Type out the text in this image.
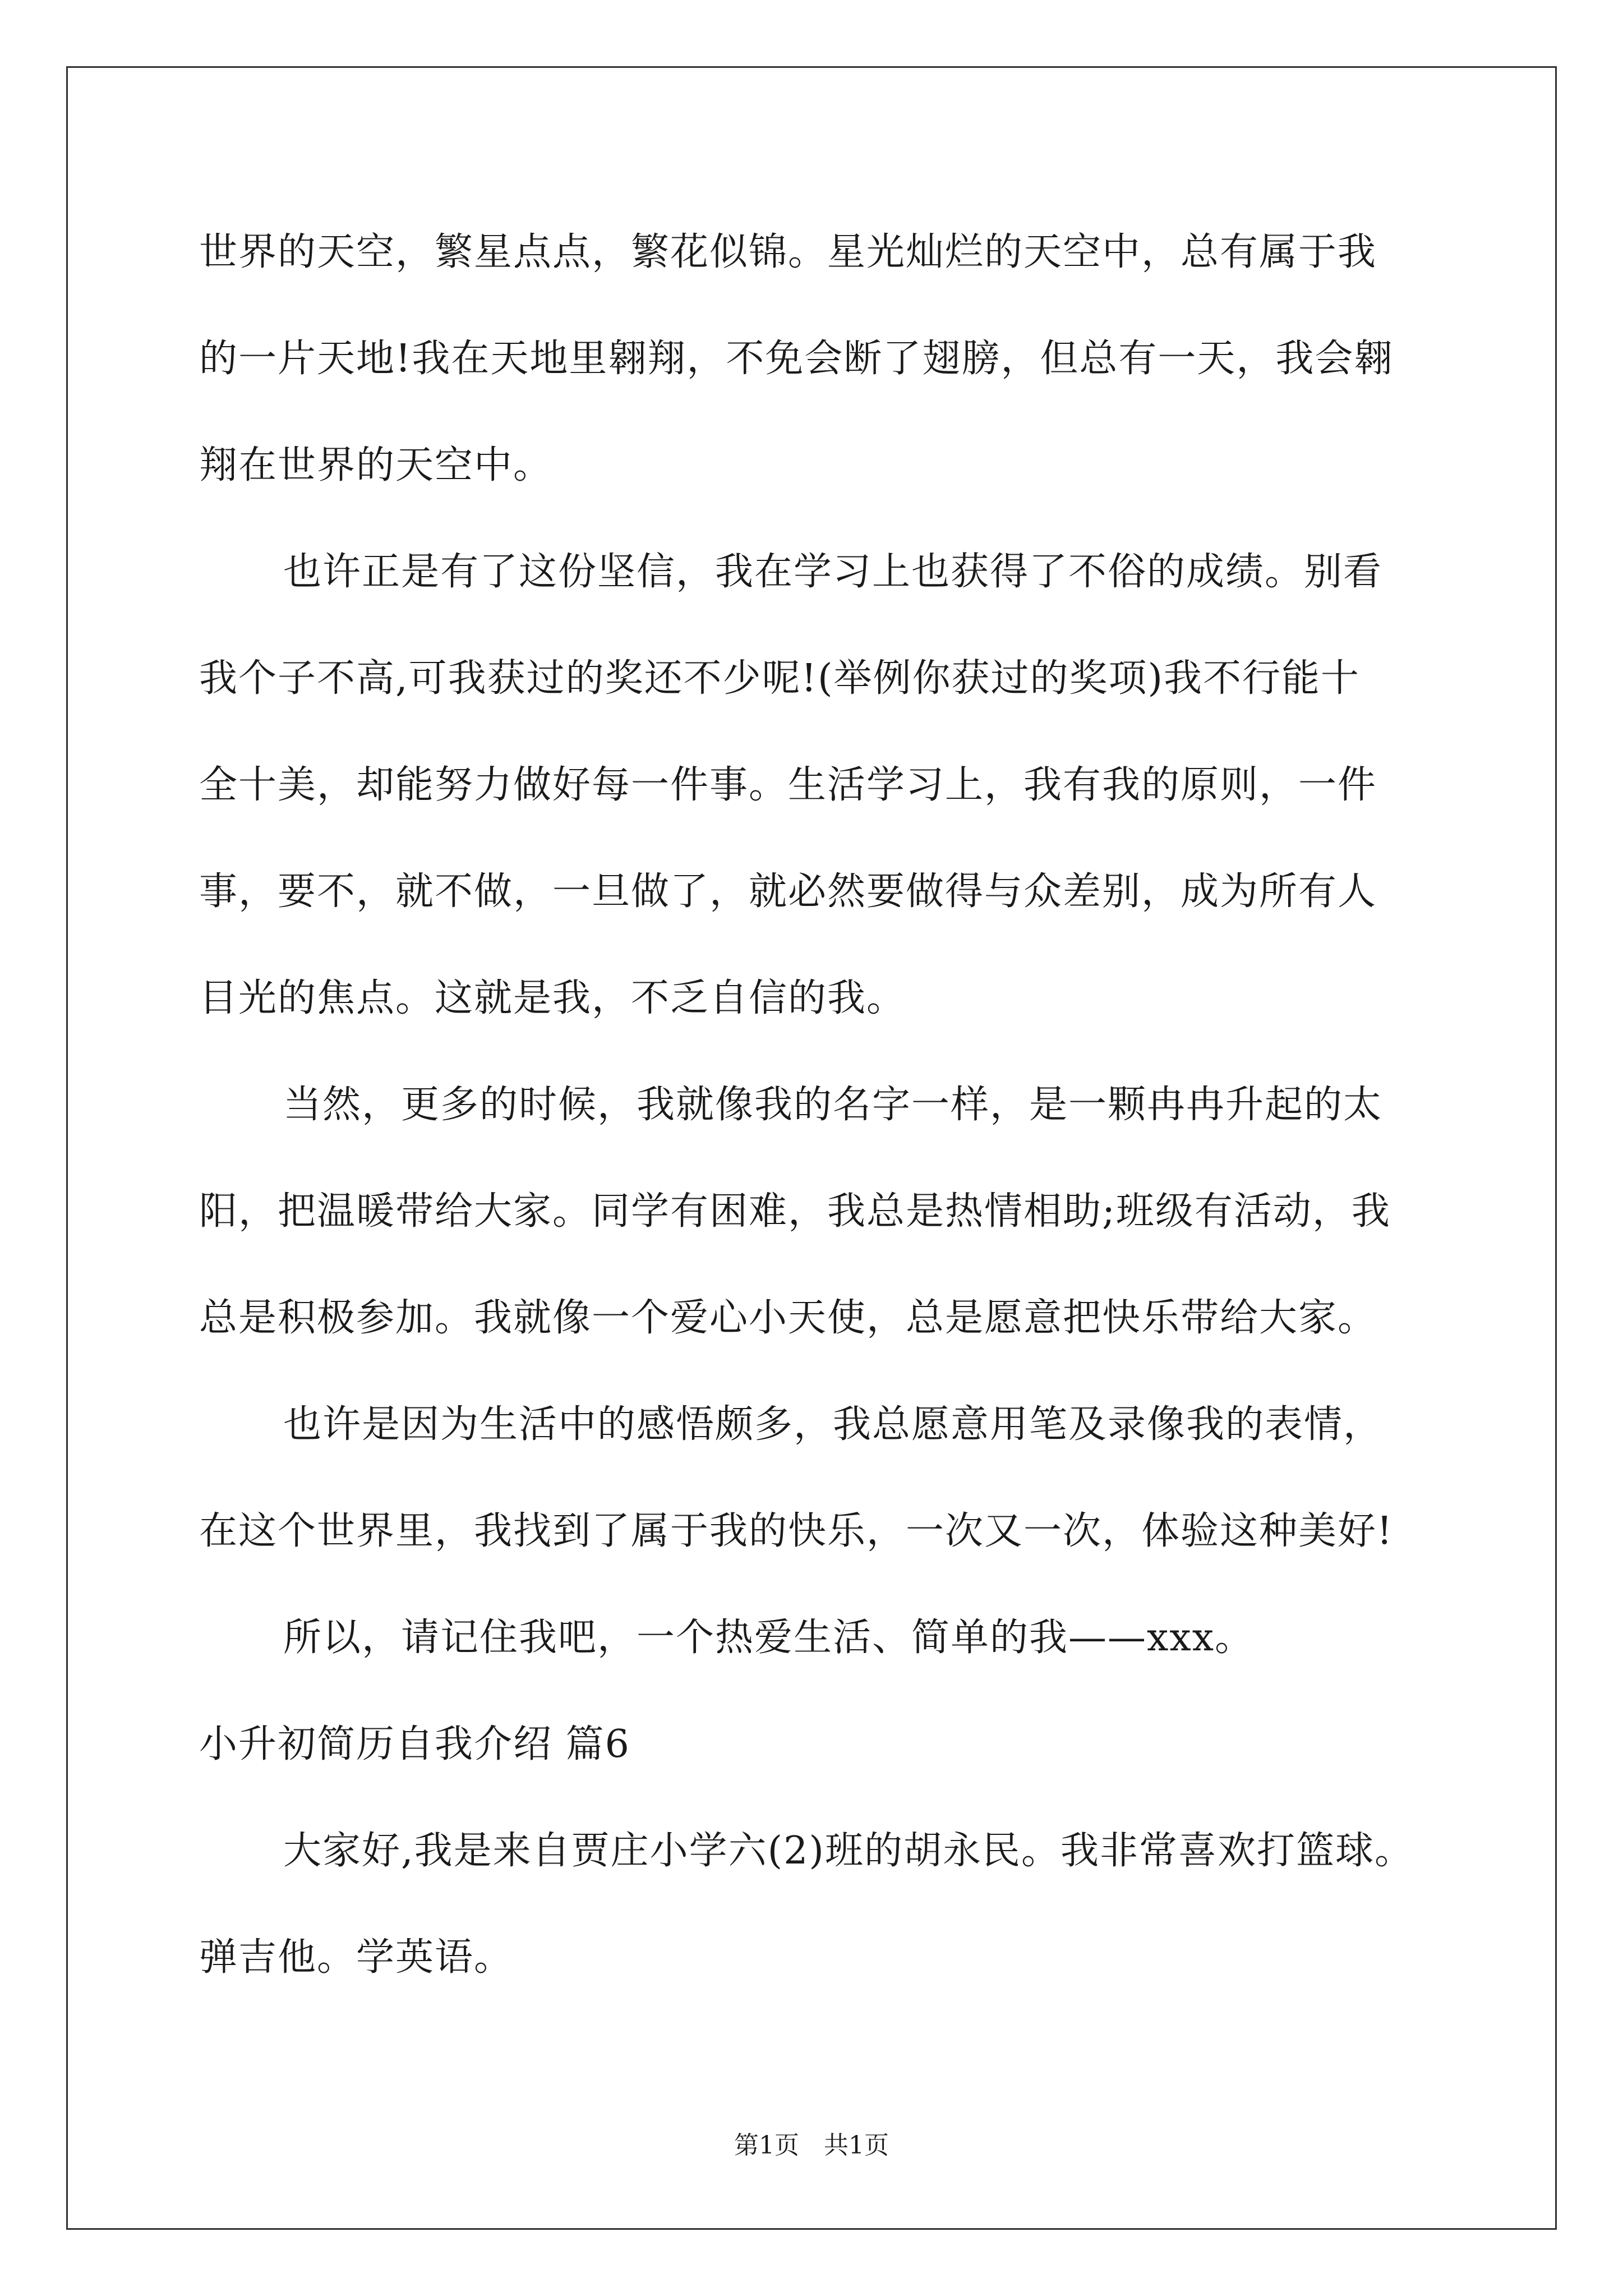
世界的天空，繁星点点，繁花似锦。星光灿烂的天空中，总有属于我

的一片天地!我在天地里翱翔，不免会断了翅膀，但总有一天，我会翱

翔在世界的天空中。

也许正是有了这份坚信，我在学习上也获得了不俗的成绩。别看

我个子不高,可我获过的奖还不少呢!(举例你获过的奖项)我不行能十

全十美，却能努力做好每一件事。生活学习上，我有我的原则，一件

事，要不，就不做，一旦做了，就必然要做得与众差别，成为所有人

目光的焦点。这就是我，不乏自信的我。

当然，更多的时候，我就像我的名字一样，是一颗冉冉升起的太

阳，把温暖带给大家。同学有困难，我总是热情相助;班级有活动，我

总是积极参加。我就像一个爱心小天使，总是愿意把快乐带给大家。

也许是因为生活中的感悟颇多，我总愿意用笔及录像我的表情，

在这个世界里，我找到了属于我的快乐，一次又一次，体验这种美好!

所以，请记住我吧，一个热爱生活、简单的我——xxx。

小升初简历自我介绍 篇6

大家好,我是来自贾庄小学六(2)班的胡永民。我非常喜欢打篮球。

弹吉他。学英语。

第1页　共1页
